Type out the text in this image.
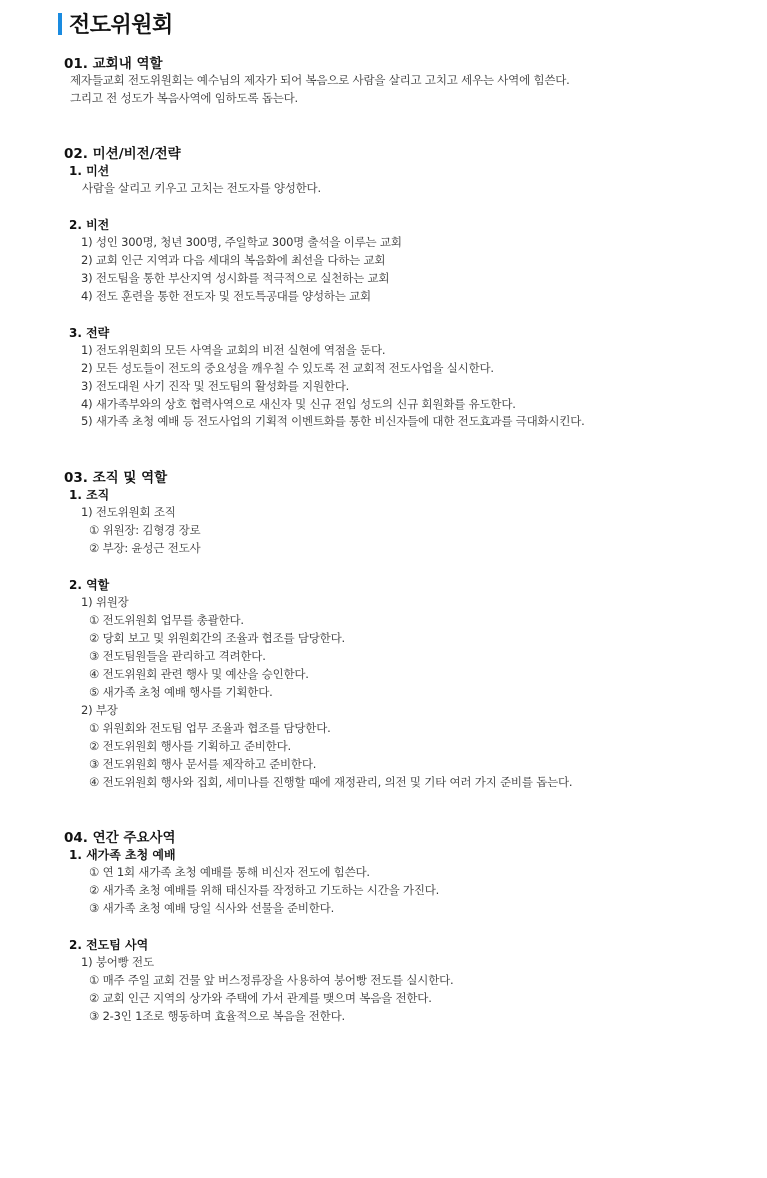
전도위원회
01. 교회내 역할
제자들교회 전도위원회는 예수님의 제자가 되어 복음으로 사람을 살리고 고치고 세우는 사역에 힘쓴다.
그리고 전 성도가 복음사역에 임하도록 돕는다.
02. 미션/비전/전략
1. 미션
사람을 살리고 키우고 고치는 전도자를 양성한다.
2. 비전
1) 성인 300명, 청년 300명, 주일학교 300명 출석을 이루는 교회
2) 교회 인근 지역과 다음 세대의 복음화에 최선을 다하는 교회
3) 전도팀을 통한 부산지역 성시화를 적극적으로 실천하는 교회
4) 전도 훈련을 통한 전도자 및 전도특공대를 양성하는 교회
3. 전략
1) 전도위원회의 모든 사역을 교회의 비전 실현에 역점을 둔다.
2) 모든 성도들이 전도의 중요성을 깨우칠 수 있도록 전 교회적 전도사업을 실시한다.
3) 전도대원 사기 진작 및 전도팀의 활성화를 지원한다.
4) 새가족부와의 상호 협력사역으로 새신자 및 신규 전입 성도의 신규 회원화를 유도한다.
5) 새가족 초청 예배 등 전도사업의 기획적 이벤트화를 통한 비신자들에 대한 전도효과를 극대화시킨다.
03. 조직 및 역할
1. 조직
1) 전도위원회 조직
① 위원장: 김형경 장로
② 부장: 윤성근 전도사
2. 역할
1) 위원장
① 전도위원회 업무를 총괄한다.
② 당회 보고 및 위원회간의 조율과 협조를 담당한다.
③ 전도팀원들을 관리하고 격려한다.
④ 전도위원회 관련 행사 및 예산을 승인한다.
⑤ 새가족 초청 예배 행사를 기획한다.
2) 부장
① 위원회와 전도팀 업무 조율과 협조를 담당한다.
② 전도위원회 행사를 기획하고 준비한다.
③ 전도위원회 행사 문서를 제작하고 준비한다.
④ 전도위원회 행사와 집회, 세미나를 진행할 때에 재정관리, 의전 및 기타 여러 가지 준비를 돕는다.
04. 연간 주요사역
1. 새가족 초청 예배
① 연 1회 새가족 초청 예배를 통해 비신자 전도에 힘쓴다.
② 새가족 초청 예배를 위해 태신자를 작정하고 기도하는 시간을 가진다.
③ 새가족 초청 예배 당일 식사와 선물을 준비한다.
2. 전도팀 사역
1) 붕어빵 전도
① 매주 주일 교회 건물 앞 버스정류장을 사용하여 붕어빵 전도를 실시한다.
② 교회 인근 지역의 상가와 주택에 가서 관계를 맺으며 복음을 전한다.
③ 2-3인 1조로 행동하며 효율적으로 복음을 전한다.
